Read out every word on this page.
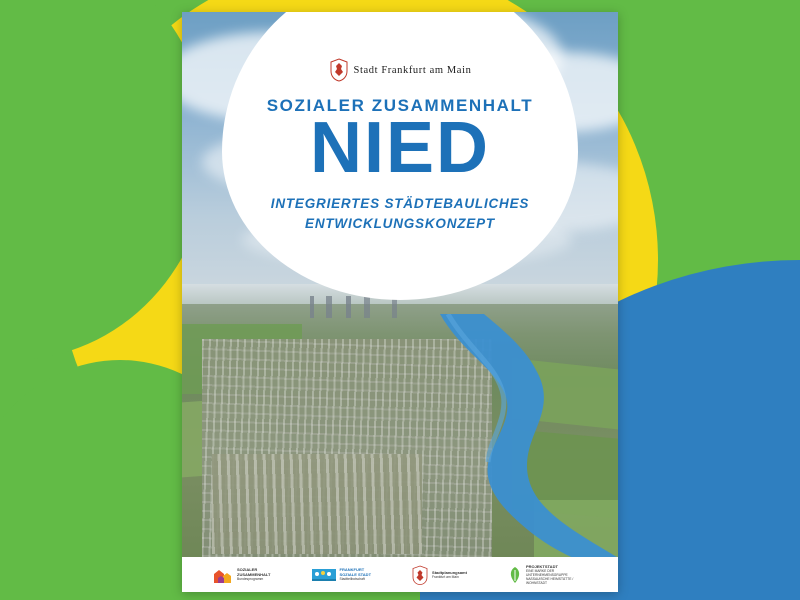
Stadt Frankfurt am Main
SOZIALER ZUSAMMENHALT
NIED
INTEGRIERTES STÄDTEBAULICHES
ENTWICKLUNGSKONZEPT
SOZIALER
ZUSAMMENHALT
Bundesprogramm
FRANKFURT
SOZIALE STADT
Stadtteilbotschaft
Stadtplanungsamt
Frankfurt am Main
PROJEKTSTADT
EINE MARKE DER UNTERNEHMENSGRUPPE
NASSAUISCHE HEIMSTÄTTE / WOHNSTADT
